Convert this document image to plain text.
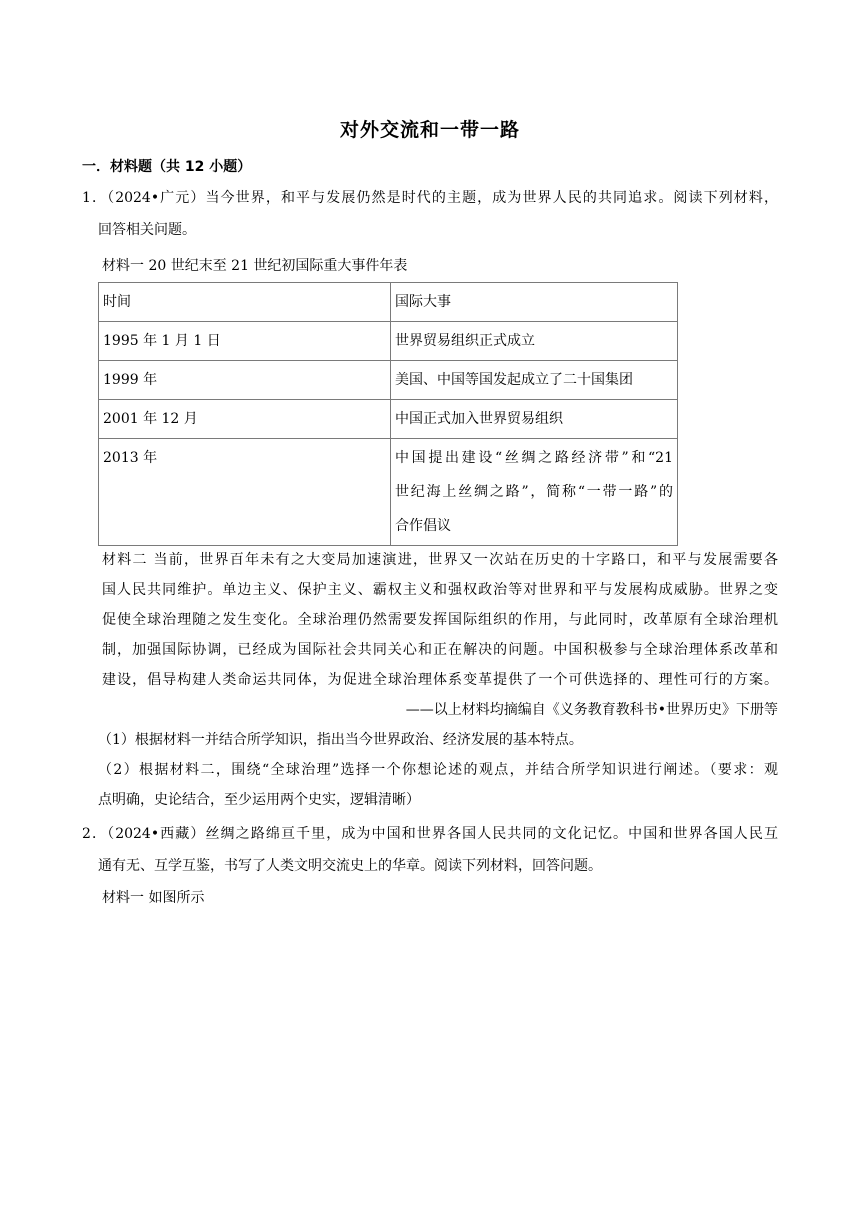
对外交流和一带一路
一．材料题（共 12 小题）
1．（2024•广元）当今世界，和平与发展仍然是时代的主题，成为世界人民的共同追求。阅读下列材料，
回答相关问题。
材料一 20 世纪末至 21 世纪初国际重大事件年表
时间	国际大事
1995 年 1 月 1 日	世界贸易组织正式成立
1999 年	美国、中国等国发起成立了二十国集团
2001 年 12 月	中国正式加入世界贸易组织
2013 年	中国提出建设“丝绸之路经济带”和“21
世纪海上丝绸之路”，简称“一带一路”的
合作倡议
材料二 当前，世界百年未有之大变局加速演进，世界又一次站在历史的十字路口，和平与发展需要各
国人民共同维护。单边主义、保护主义、霸权主义和强权政治等对世界和平与发展构成威胁。世界之变
促使全球治理随之发生变化。全球治理仍然需要发挥国际组织的作用，与此同时，改革原有全球治理机
制，加强国际协调，已经成为国际社会共同关心和正在解决的问题。中国积极参与全球治理体系改革和
建设，倡导构建人类命运共同体，为促进全球治理体系变革提供了一个可供选择的、理性可行的方案。
——以上材料均摘编自《义务教育教科书•世界历史》下册等
（1）根据材料一并结合所学知识，指出当今世界政治、经济发展的基本特点。
（2）根据材料二，围绕“全球治理”选择一个你想论述的观点，并结合所学知识进行阐述。（要求：观
点明确，史论结合，至少运用两个史实，逻辑清晰）
2．（2024•西藏）丝绸之路绵亘千里，成为中国和世界各国人民共同的文化记忆。中国和世界各国人民互
通有无、互学互鉴，书写了人类文明交流史上的华章。阅读下列材料，回答问题。
材料一 如图所示
